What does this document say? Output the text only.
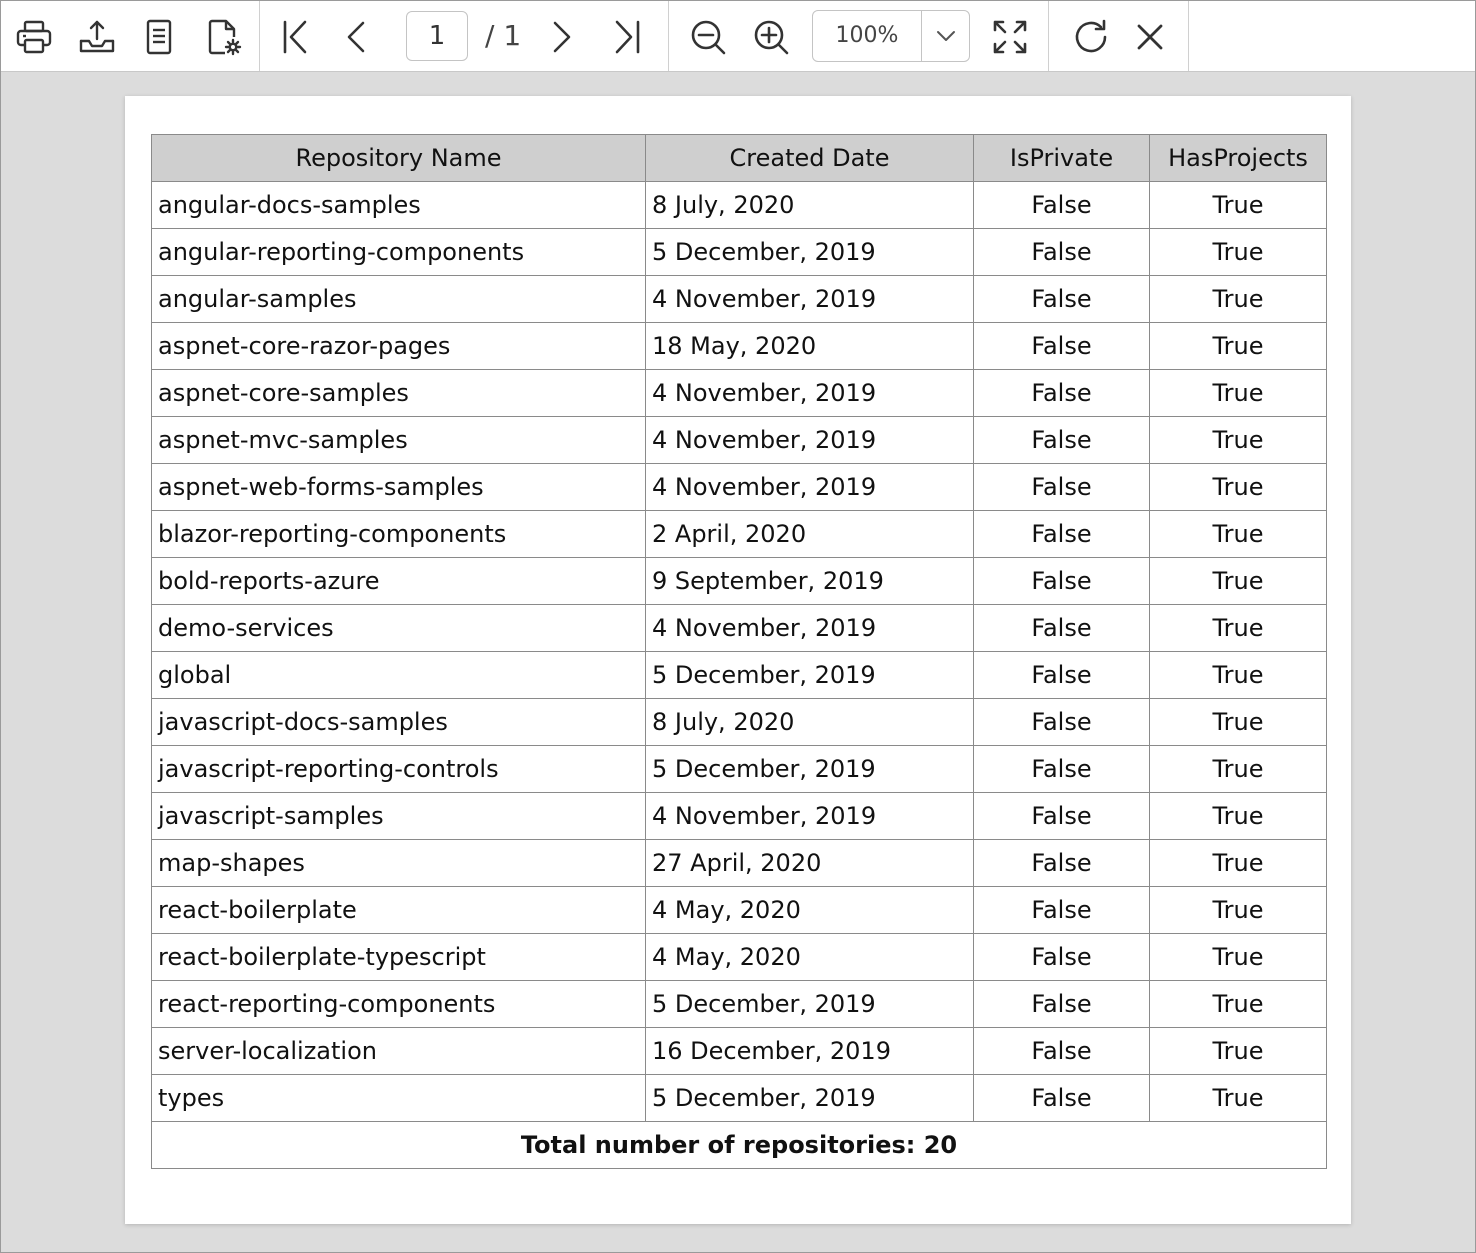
1
/ 1	100%
Repository Name	Created Date	IsPrivate	HasProjects
angular-docs-samples	8 July, 2020	False	True
angular-reporting-components	5 December, 2019	False	True
angular-samples	4 November, 2019	False	True
aspnet-core-razor-pages	18 May, 2020	False	True
aspnet-core-samples	4 November, 2019	False	True
aspnet-mvc-samples	4 November, 2019	False	True
aspnet-web-forms-samples	4 November, 2019	False	True
blazor-reporting-components	2 April, 2020	False	True
bold-reports-azure	9 September, 2019	False	True
demo-services	4 November, 2019	False	True
global	5 December, 2019	False	True
javascript-docs-samples	8 July, 2020	False	True
javascript-reporting-controls	5 December, 2019	False	True
javascript-samples	4 November, 2019	False	True
map-shapes	27 April, 2020	False	True
react-boilerplate	4 May, 2020	False	True
react-boilerplate-typescript	4 May, 2020	False	True
react-reporting-components	5 December, 2019	False	True
server-localization	16 December, 2019	False	True
types	5 December, 2019	False	True
Total number of repositories: 20			
